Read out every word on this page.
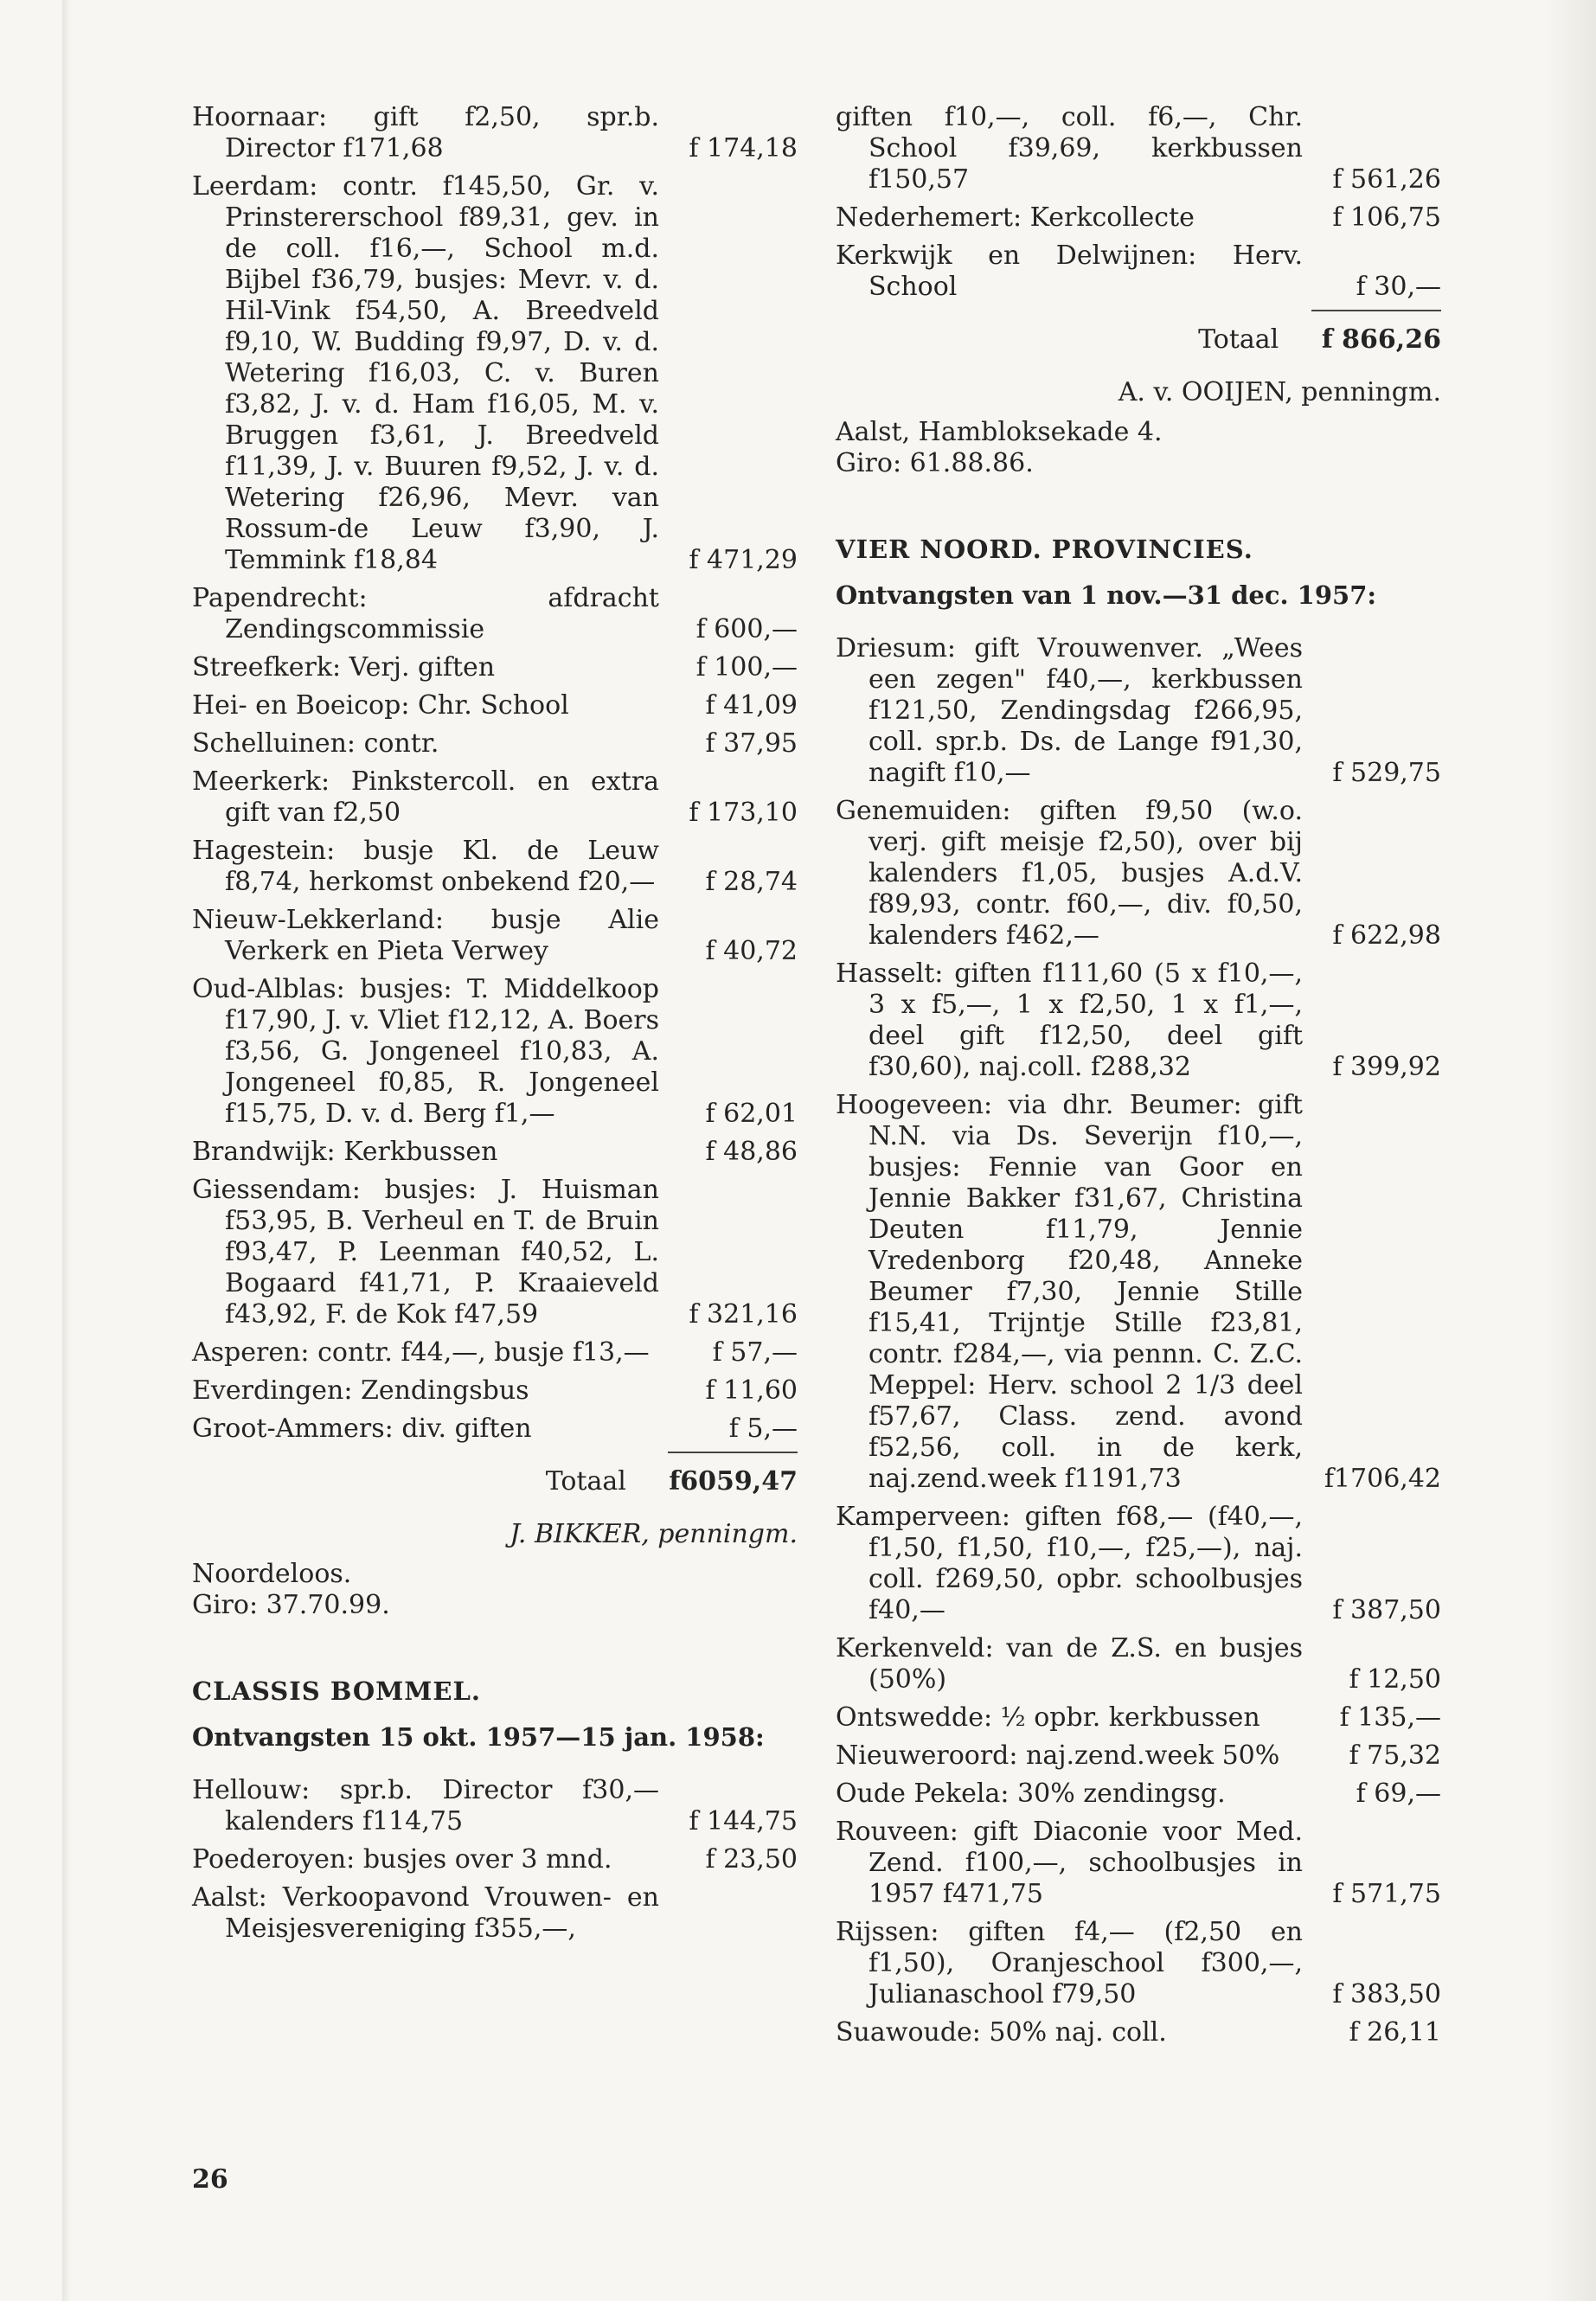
Hoornaar: gift f2,50, spr.b. Director f171,68	f 174,18
Leerdam: contr. f145,50, Gr. v. Prinstererschool f89,31, gev. in de coll. f16,—, School m.d. Bijbel f36,79, busjes: Mevr. v. d. Hil-Vink f54,50, A. Breedveld f9,10, W. Budding f9,97, D. v. d. Wetering f16,03, C. v. Buren f3,82, J. v. d. Ham f16,05, M. v. Bruggen f3,61, J. Breedveld f11,39, J. v. Buuren f9,52, J. v. d. Wetering f26,96, Mevr. van Rossum-de Leuw f3,90, J. Temmink f18,84	f 471,29
Papendrecht: afdracht Zendingscommissie	f 600,—
Streefkerk: Verj. giften	f 100,—
Hei- en Boeicop: Chr. School	f 41,09
Schelluinen: contr.	f 37,95
Meerkerk: Pinkstercoll. en extra gift van f2,50	f 173,10
Hagestein: busje Kl. de Leuw f8,74, herkomst onbekend f20,—	f 28,74
Nieuw-Lekkerland: busje Alie Verkerk en Pieta Verwey	f 40,72
Oud-Alblas: busjes: T. Middelkoop f17,90, J. v. Vliet f12,12, A. Boers f3,56, G. Jongeneel f10,83, A. Jongeneel f0,85, R. Jongeneel f15,75, D. v. d. Berg f1,—	f 62,01
Brandwijk: Kerkbussen	f 48,86
Giessendam: busjes: J. Huisman f53,95, B. Verheul en T. de Bruin f93,47, P. Leenman f40,52, L. Bogaard f41,71, P. Kraaieveld f43,92, F. de Kok f47,59	f 321,16
Asperen: contr. f44,—, busje f13,—	f 57,—
Everdingen: Zendingsbus	f 11,60
Groot-Ammers: div. giften	f 5,—
Totaal f6059,47
J. BIKKER, penningm.
Noordeloos.
Giro: 37.70.99.
CLASSIS BOMMEL.
Ontvangsten 15 okt. 1957—15 jan. 1958:
Hellouw: spr.b. Director f30,— kalenders f114,75	f 144,75
Poederoyen: busjes over 3 mnd.	f 23,50
Aalst: Verkoopavond Vrouwen- en Meisjesvereniging f355,—,
giften f10,—, coll. f6,—, Chr. School f39,69, kerkbussen f150,57	f 561,26
Nederhemert: Kerkcollecte	f 106,75
Kerkwijk en Delwijnen: Herv. School	f 30,—
Totaal f 866,26
A. v. OOIJEN, penningm.
Aalst, Hambloksekade 4.
Giro: 61.88.86.
VIER NOORD. PROVINCIES.
Ontvangsten van 1 nov.—31 dec. 1957:
Driesum: gift Vrouwenver. „Wees een zegen" f40,—, kerkbussen f121,50, Zendingsdag f266,95, coll. spr.b. Ds. de Lange f91,30, nagift f10,—	f 529,75
Genemuiden: giften f9,50 (w.o. verj. gift meisje f2,50), over bij kalenders f1,05, busjes A.d.V. f89,93, contr. f60,—, div. f0,50, kalenders f462,—	f 622,98
Hasselt: giften f111,60 (5 x f10,—, 3 x f5,—, 1 x f2,50, 1 x f1,—, deel gift f12,50, deel gift f30,60), naj.coll. f288,32	f 399,92
Hoogeveen: via dhr. Beumer: gift N.N. via Ds. Severijn f10,—, busjes: Fennie van Goor en Jennie Bakker f31,67, Christina Deuten f11,79, Jennie Vredenborg f20,48, Anneke Beumer f7,30, Jennie Stille f15,41, Trijntje Stille f23,81, contr. f284,—, via pennn. C. Z.C. Meppel: Herv. school 2 1/3 deel f57,67, Class. zend. avond f52,56, coll. in de kerk, naj.zend.week f1191,73	f1706,42
Kamperveen: giften f68,— (f40,—, f1,50, f1,50, f10,—, f25,—), naj. coll. f269,50, opbr. schoolbusjes f40,—	f 387,50
Kerkenveld: van de Z.S. en busjes (50%)	f 12,50
Ontswedde: ½ opbr. kerkbussen	f 135,—
Nieuweroord: naj.zend.week 50%	f 75,32
Oude Pekela: 30% zendingsg.	f 69,—
Rouveen: gift Diaconie voor Med. Zend. f100,—, schoolbusjes in 1957 f471,75	f 571,75
Rijssen: giften f4,— (f2,50 en f1,50), Oranjeschool f300,—, Julianaschool f79,50	f 383,50
Suawoude: 50% naj. coll.	f 26,11
26
